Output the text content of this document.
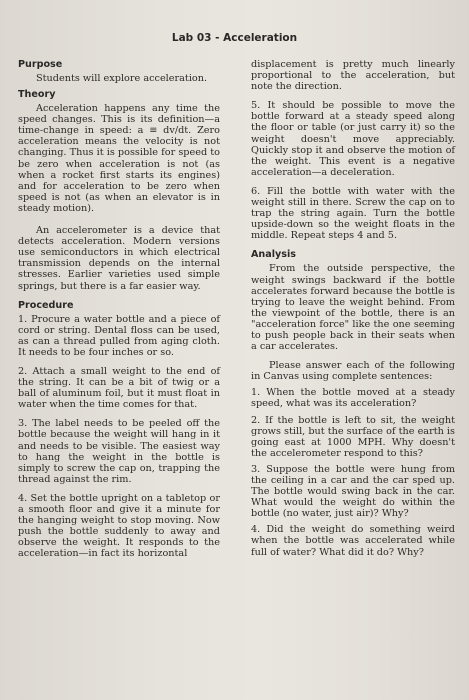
Lab 03 - Acceleration
Purpose

Students will explore acceleration.

Theory

Acceleration happens any time the speed changes. This is its definition—a time-change in speed: a ≡ dv/dt. Zero acceleration means the velocity is not changing. Thus it is possible for speed to be zero when acceleration is not (as when a rocket first starts its engines) and for acceleration to be zero when speed is not (as when an elevator is in steady motion).

An accelerometer is a device that detects acceleration. Modern versions use semiconductors in which electrical transmission depends on the internal stresses. Earlier varieties used simple springs, but there is a far easier way.

Procedure

1. Procure a water bottle and a piece of cord or string. Dental floss can be used, as can a thread pulled from aging cloth. It needs to be four inches or so.

2. Attach a small weight to the end of the string. It can be a bit of twig or a ball of aluminum foil, but it must float in water when the time comes for that.

3. The label needs to be peeled off the bottle because the weight will hang in it and needs to be visible. The easiest way to hang the weight in the bottle is simply to screw the cap on, trapping the thread against the rim.

4. Set the bottle upright on a tabletop or a smooth floor and give it a minute for the hanging weight to stop moving. Now push the bottle suddenly to away and observe the weight. It responds to the acceleration—in fact its horizontal

displacement is pretty much linearly proportional to the acceleration, but note the direction.

5. It should be possible to move the bottle forward at a steady speed along the floor or table (or just carry it) so the weight doesn't move appreciably. Quickly stop it and observe the motion of the weight. This event is a negative acceleration—a deceleration.

6. Fill the bottle with water with the weight still in there. Screw the cap on to trap the string again. Turn the bottle upside-down so the weight floats in the middle. Repeat steps 4 and 5.

Analysis

From the outside perspective, the weight swings backward if the bottle accelerates forward because the bottle is trying to leave the weight behind. From the viewpoint of the bottle, there is an "acceleration force" like the one seeming to push people back in their seats when a car accelerates.

Please answer each of the following in Canvas using complete sentences:

1. When the bottle moved at a steady speed, what was its acceleration?

2. If the bottle is left to sit, the weight grows still, but the surface of the earth is going east at 1000 MPH. Why doesn't the accelerometer respond to this?

3. Suppose the bottle were hung from the ceiling in a car and the car sped up. The bottle would swing back in the car. What would the weight do within the bottle (no water, just air)? Why?

4. Did the weight do something weird when the bottle was accelerated while full of water? What did it do? Why?
